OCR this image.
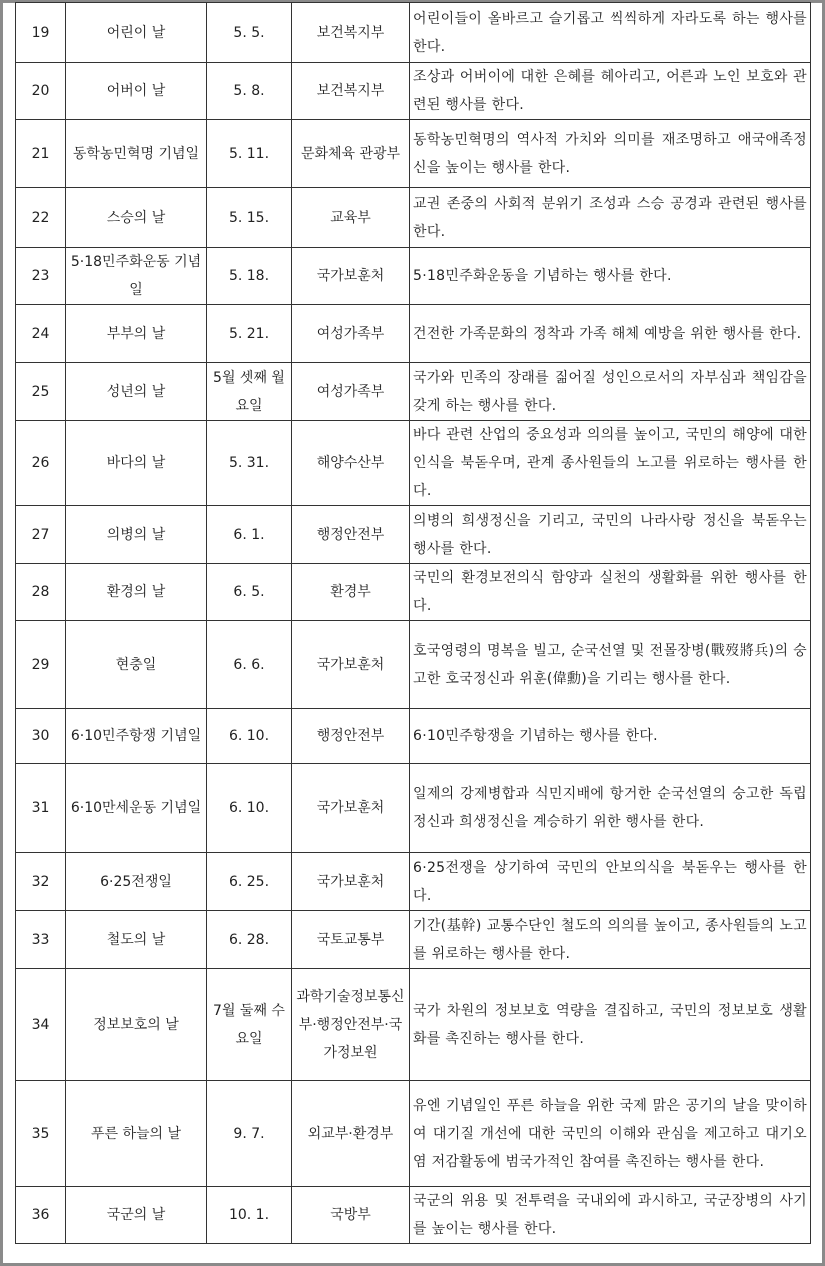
19	어린이 날	5. 5.	보건복지부	어린이들이 올바르고 슬기롭고 씩씩하게 자라도록 하는 행사를 한다.
20	어버이 날	5. 8.	보건복지부	조상과 어버이에 대한 은혜를 헤아리고, 어른과 노인 보호와 관련된 행사를 한다.
21	동학농민혁명 기념일	5. 11.	문화체육 관광부	동학농민혁명의 역사적 가치와 의미를 재조명하고 애국애족정신을 높이는 행사를 한다.
22	스승의 날	5. 15.	교육부	교권 존중의 사회적 분위기 조성과 스승 공경과 관련된 행사를 한다.
23	5·18민주화운동 기념일	5. 18.	국가보훈처	5·18민주화운동을 기념하는 행사를 한다.
24	부부의 날	5. 21.	여성가족부	건전한 가족문화의 정착과 가족 해체 예방을 위한 행사를 한다.
25	성년의 날	5월 셋째 월요일	여성가족부	국가와 민족의 장래를 짊어질 성인으로서의 자부심과 책임감을 갖게 하는 행사를 한다.
26	바다의 날	5. 31.	해양수산부	바다 관련 산업의 중요성과 의의를 높이고, 국민의 해양에 대한 인식을 북돋우며, 관계 종사원들의 노고를 위로하는 행사를 한다.
27	의병의 날	6. 1.	행정안전부	의병의 희생정신을 기리고, 국민의 나라사랑 정신을 북돋우는 행사를 한다.
28	환경의 날	6. 5.	환경부	국민의 환경보전의식 함양과 실천의 생활화를 위한 행사를 한다.
29	현충일	6. 6.	국가보훈처	호국영령의 명복을 빌고, 순국선열 및 전몰장병(戰歿將兵)의 숭고한 호국정신과 위훈(偉勳)을 기리는 행사를 한다.
30	6·10민주항쟁 기념일	6. 10.	행정안전부	6·10민주항쟁을 기념하는 행사를 한다.
31	6·10만세운동 기념일	6. 10.	국가보훈처	일제의 강제병합과 식민지배에 항거한 순국선열의 숭고한 독립정신과 희생정신을 계승하기 위한 행사를 한다.
32	6·25전쟁일	6. 25.	국가보훈처	6·25전쟁을 상기하여 국민의 안보의식을 북돋우는 행사를 한다.
33	철도의 날	6. 28.	국토교통부	기간(基幹) 교통수단인 철도의 의의를 높이고, 종사원들의 노고를 위로하는 행사를 한다.
34	정보보호의 날	7월 둘째 수요일	과학기술정보통신부·행정안전부·국가정보원	국가 차원의 정보보호 역량을 결집하고, 국민의 정보보호 생활화를 촉진하는 행사를 한다.
35	푸른 하늘의 날	9. 7.	외교부·환경부	유엔 기념일인 푸른 하늘을 위한 국제 맑은 공기의 날을 맞이하여 대기질 개선에 대한 국민의 이해와 관심을 제고하고 대기오염 저감활동에 범국가적인 참여를 촉진하는 행사를 한다.
36	국군의 날	10. 1.	국방부	국군의 위용 및 전투력을 국내외에 과시하고, 국군장병의 사기를 높이는 행사를 한다.
